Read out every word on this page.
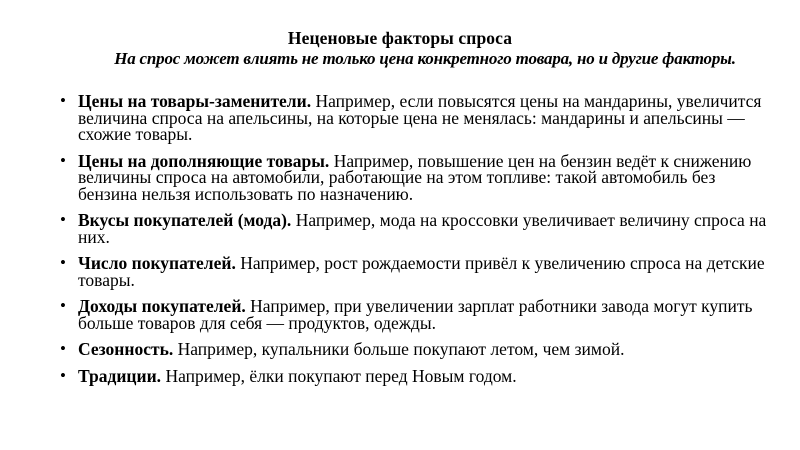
Неценовые факторы спроса
На спрос может влиять не только цена конкретного товара, но и другие факторы.
• Цены на товары-заменители. Например, если повысятся цены на мандарины, увеличится величина спроса на апельсины, на которые цена не менялась: мандарины и апельсины — схожие товары.
• Цены на дополняющие товары. Например, повышение цен на бензин ведёт к снижению величины спроса на автомобили, работающие на этом топливе: такой автомобиль без бензина нельзя использовать по назначению.
• Вкусы покупателей (мода). Например, мода на кроссовки увеличивает величину спроса на них.
• Число покупателей. Например, рост рождаемости привёл к увеличению спроса на детские товары.
• Доходы покупателей. Например, при увеличении зарплат работники завода могут купить больше товаров для себя — продуктов, одежды.
• Сезонность. Например, купальники больше покупают летом, чем зимой.
• Традиции. Например, ёлки покупают перед Новым годом.
